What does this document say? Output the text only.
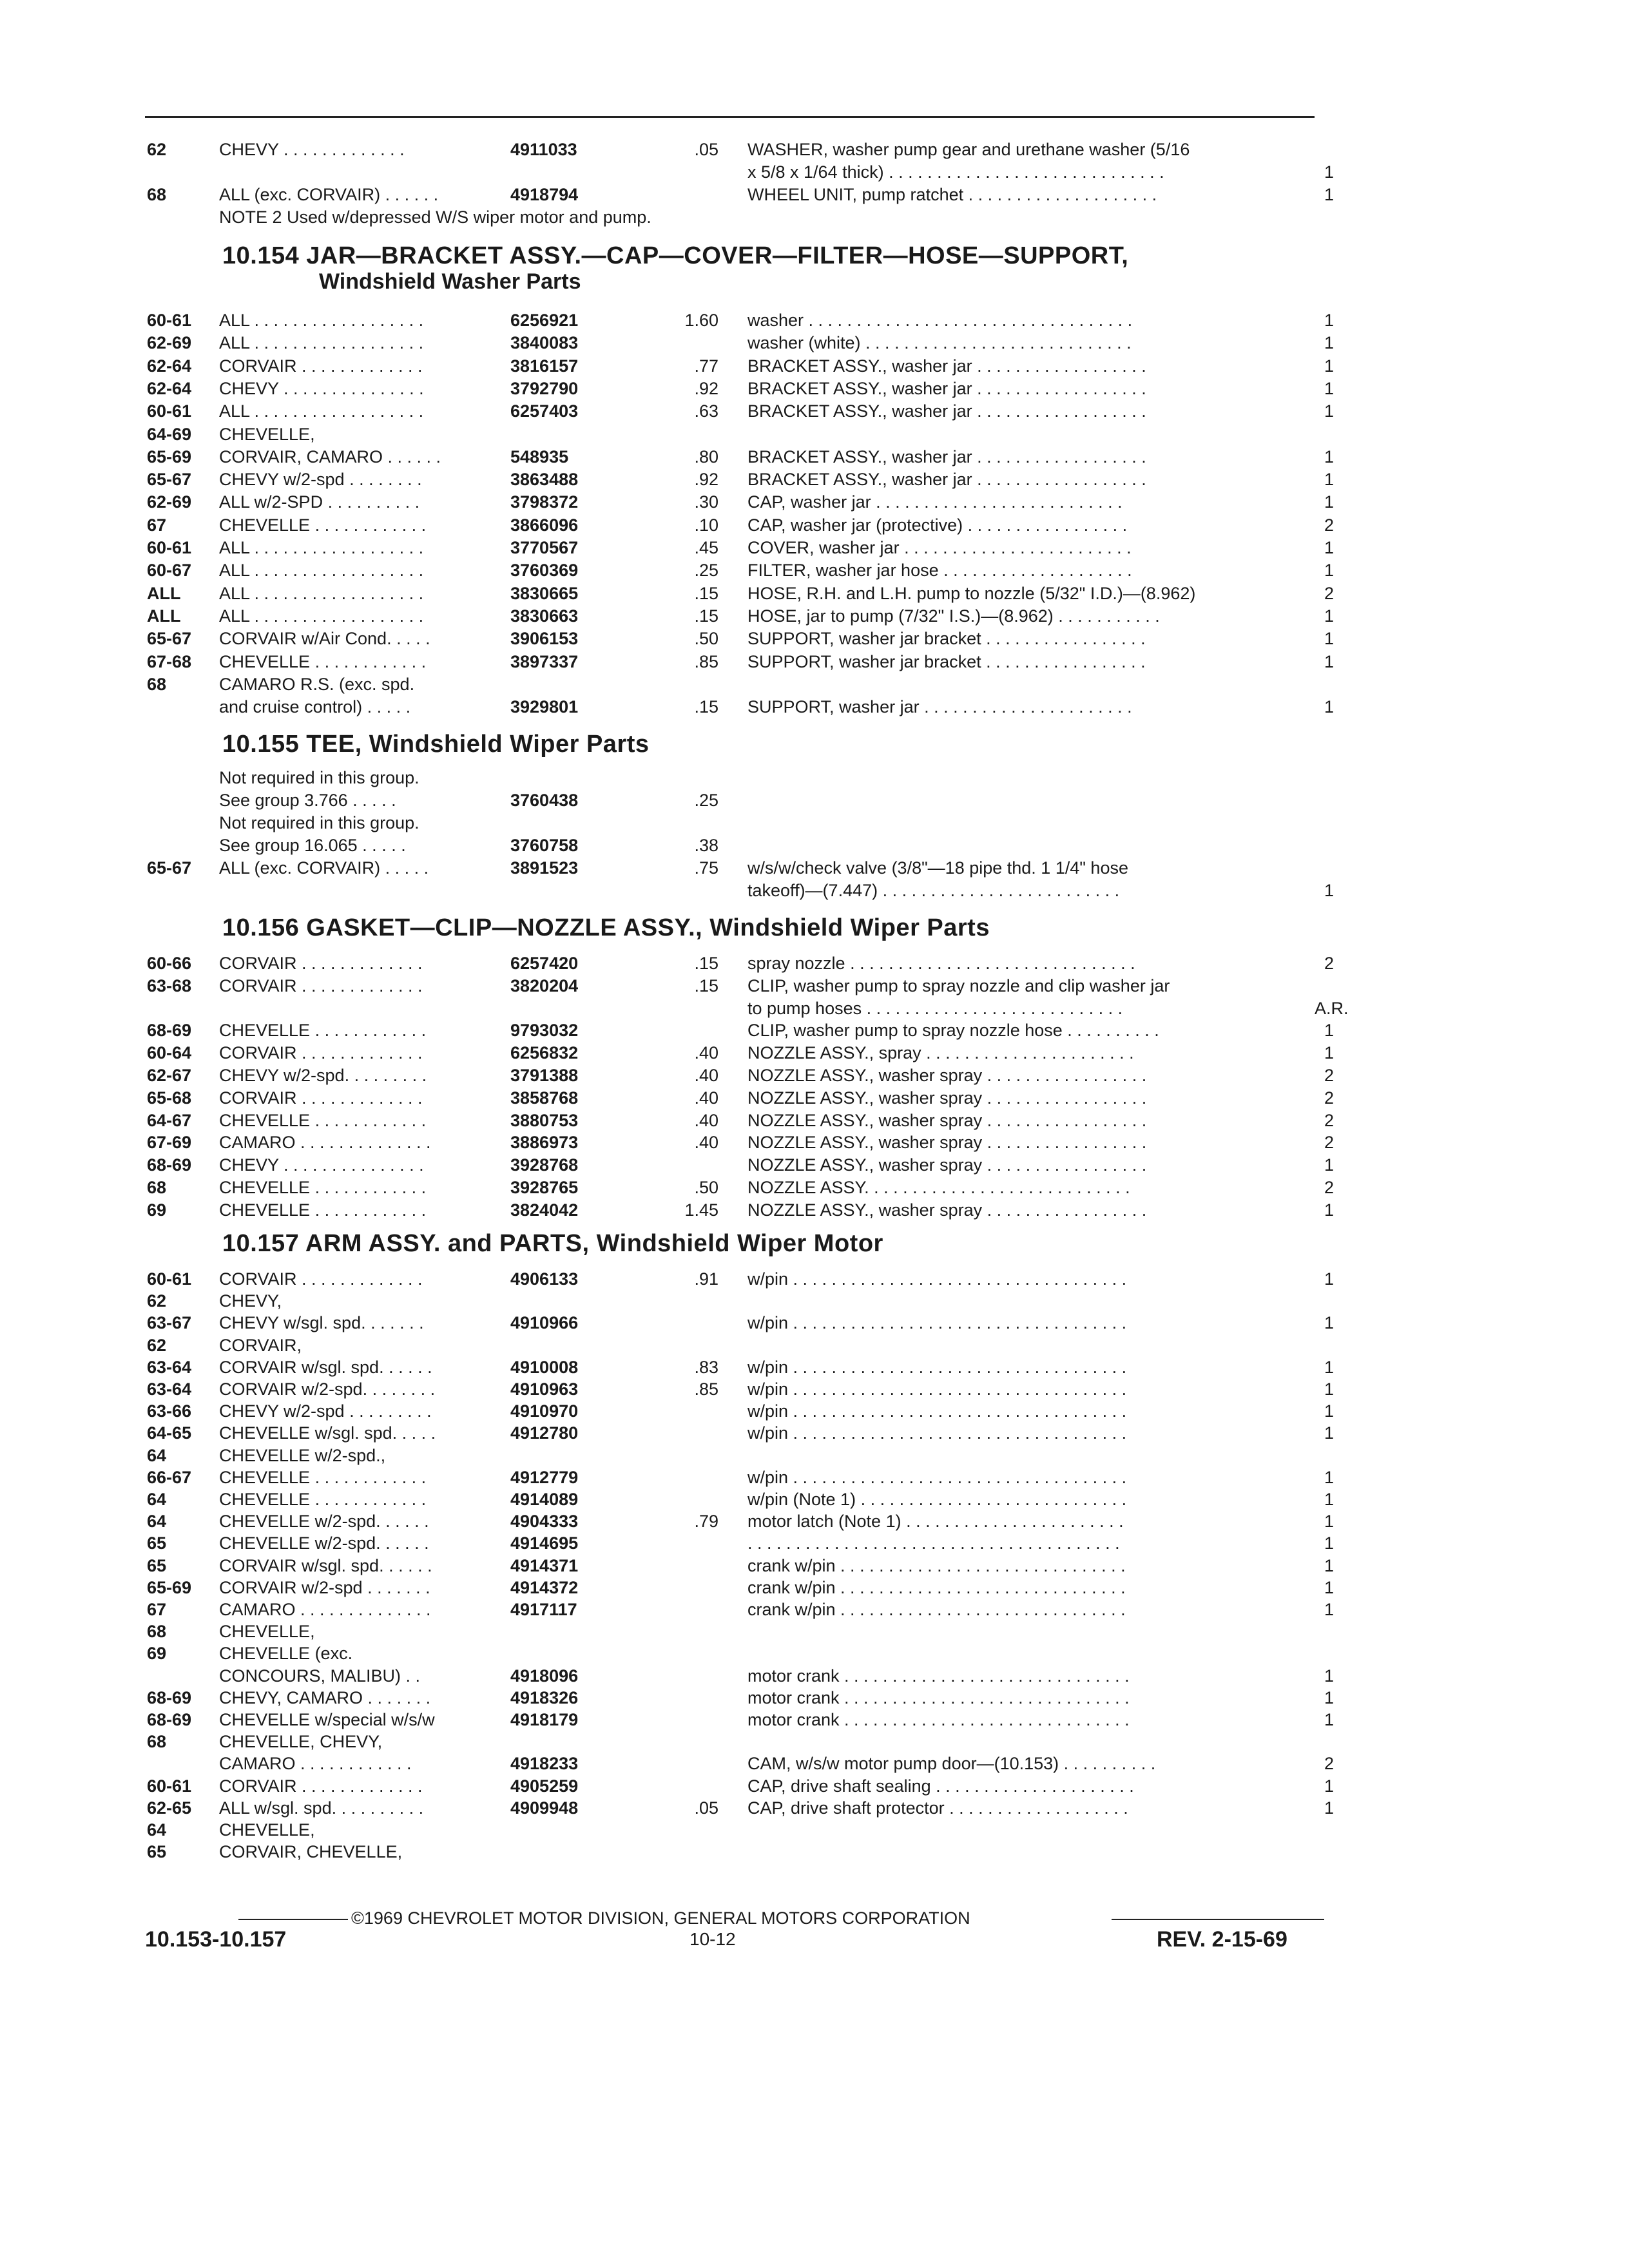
62	CHEVY . . . . . . . . . . . . .	4911033	.05 WASHER, washer pump gear and urethane washer (5/16
x 5/8 x 1/64 thick) . . . . . . . . . . . . . . . . . . . . . . . . . . . . .	1
68	ALL (exc. CORVAIR) . . . . . .	4918794	WHEEL UNIT, pump ratchet . . . . . . . . . . . . . . . . . . . .	1
NOTE 2 Used w/depressed W/S wiper motor and pump.
10.154 JAR—BRACKET ASSY.—CAP—COVER—FILTER—HOSE—SUPPORT,
Windshield Washer Parts
60-61 ALL . . . . . . . . . . . . . . . . . .	6256921	1.60 washer . . . . . . . . . . . . . . . . . . . . . . . . . . . . . . . . . .	1
62-69 ALL . . . . . . . . . . . . . . . . . .	3840083	washer (white) . . . . . . . . . . . . . . . . . . . . . . . . . . . .	1
62-64 CORVAIR . . . . . . . . . . . . .	3816157	.77 BRACKET ASSY., washer jar . . . . . . . . . . . . . . . . . .	1
62-64 CHEVY . . . . . . . . . . . . . . .	3792790	.92 BRACKET ASSY., washer jar . . . . . . . . . . . . . . . . . .	1
60-61 ALL . . . . . . . . . . . . . . . . . .	6257403	.63 BRACKET ASSY., washer jar . . . . . . . . . . . . . . . . . .	1
64-69 CHEVELLE,
65-69 CORVAIR, CAMARO . . . . . .	548935	.80 BRACKET ASSY., washer jar . . . . . . . . . . . . . . . . . .	1
65-67 CHEVY w/2-spd . . . . . . . .	3863488	.92 BRACKET ASSY., washer jar . . . . . . . . . . . . . . . . . .	1
62-69 ALL w/2-SPD . . . . . . . . . .	3798372	.30 CAP, washer jar . . . . . . . . . . . . . . . . . . . . . . . . . .	1
67	CHEVELLE . . . . . . . . . . . .	3866096	.10 CAP, washer jar (protective) . . . . . . . . . . . . . . . . .	2
60-61 ALL . . . . . . . . . . . . . . . . . .	3770567	.45 COVER, washer jar . . . . . . . . . . . . . . . . . . . . . . . .	1
60-67 ALL . . . . . . . . . . . . . . . . . .	3760369	.25 FILTER, washer jar hose . . . . . . . . . . . . . . . . . . . .	1
ALL ALL . . . . . . . . . . . . . . . . . .	3830665	.15 HOSE, R.H. and L.H. pump to nozzle (5/32" I.D.)—(8.962)	2
ALL ALL . . . . . . . . . . . . . . . . . .	3830663	.15 HOSE, jar to pump (7/32" I.S.)—(8.962) . . . . . . . . . . .	1
65-67 CORVAIR w/Air Cond. . . . .	3906153	.50 SUPPORT, washer jar bracket . . . . . . . . . . . . . . . . .	1
67-68 CHEVELLE . . . . . . . . . . . .	3897337	.85 SUPPORT, washer jar bracket . . . . . . . . . . . . . . . . .	1
68	CAMARO R.S. (exc. spd.
and cruise control) . . . . .	3929801	.15 SUPPORT, washer jar . . . . . . . . . . . . . . . . . . . . . .	1
10.155 TEE, Windshield Wiper Parts
Not required in this group.
See group 3.766 . . . . .	3760438	.25
Not required in this group.
See group 16.065 . . . . .	3760758	.38
65-67 ALL (exc. CORVAIR) . . . . .	3891523	.75 w/s/w/check valve (3/8"—18 pipe thd. 1 1/4" hose
takeoff)—(7.447) . . . . . . . . . . . . . . . . . . . . . . . . .	1
10.156 GASKET—CLIP—NOZZLE ASSY., Windshield Wiper Parts
60-66 CORVAIR . . . . . . . . . . . . .	6257420	.15 spray nozzle . . . . . . . . . . . . . . . . . . . . . . . . . . . . . .	2
63-68 CORVAIR . . . . . . . . . . . . .	3820204	.15 CLIP, washer pump to spray nozzle and clip washer jar
to pump hoses . . . . . . . . . . . . . . . . . . . . . . . . . . .	A.R.
68-69 CHEVELLE . . . . . . . . . . . .	9793032	CLIP, washer pump to spray nozzle hose . . . . . . . . . .	1
60-64 CORVAIR . . . . . . . . . . . . .	6256832	.40 NOZZLE ASSY., spray . . . . . . . . . . . . . . . . . . . . . .	1
62-67 CHEVY w/2-spd. . . . . . . . .	3791388	.40 NOZZLE ASSY., washer spray . . . . . . . . . . . . . . . . .	2
65-68 CORVAIR . . . . . . . . . . . . .	3858768	.40 NOZZLE ASSY., washer spray . . . . . . . . . . . . . . . . .	2
64-67 CHEVELLE . . . . . . . . . . . .	3880753	.40 NOZZLE ASSY., washer spray . . . . . . . . . . . . . . . . .	2
67-69 CAMARO . . . . . . . . . . . . . .	3886973	.40 NOZZLE ASSY., washer spray . . . . . . . . . . . . . . . . .	2
68-69 CHEVY . . . . . . . . . . . . . . .	3928768	NOZZLE ASSY., washer spray . . . . . . . . . . . . . . . . .	1
68	CHEVELLE . . . . . . . . . . . .	3928765	.50 NOZZLE ASSY. . . . . . . . . . . . . . . . . . . . . . . . . . . .	2
69	CHEVELLE . . . . . . . . . . . .	3824042	1.45 NOZZLE ASSY., washer spray . . . . . . . . . . . . . . . . .	1
10.157 ARM ASSY. and PARTS, Windshield Wiper Motor
60-61 CORVAIR . . . . . . . . . . . . .	4906133	.91 w/pin . . . . . . . . . . . . . . . . . . . . . . . . . . . . . . . . . . .	1
62	CHEVY,
63-67 CHEVY w/sgl. spd. . . . . . .	4910966	w/pin . . . . . . . . . . . . . . . . . . . . . . . . . . . . . . . . . . .	1
62	CORVAIR,
63-64 CORVAIR w/sgl. spd. . . . . .	4910008	.83 w/pin . . . . . . . . . . . . . . . . . . . . . . . . . . . . . . . . . . .	1
63-64 CORVAIR w/2-spd. . . . . . . .	4910963	.85 w/pin . . . . . . . . . . . . . . . . . . . . . . . . . . . . . . . . . . .	1
63-66 CHEVY w/2-spd . . . . . . . . .	4910970	w/pin . . . . . . . . . . . . . . . . . . . . . . . . . . . . . . . . . . .	1
64-65 CHEVELLE w/sgl. spd. . . . .	4912780	w/pin . . . . . . . . . . . . . . . . . . . . . . . . . . . . . . . . . . .	1
64	CHEVELLE w/2-spd.,
66-67 CHEVELLE . . . . . . . . . . . .	4912779	w/pin . . . . . . . . . . . . . . . . . . . . . . . . . . . . . . . . . . .	1
64	CHEVELLE . . . . . . . . . . . .	4914089	w/pin (Note 1) . . . . . . . . . . . . . . . . . . . . . . . . . . . .	1
64	CHEVELLE w/2-spd. . . . . .	4904333	.79 motor latch (Note 1) . . . . . . . . . . . . . . . . . . . . . . .	1
65	CHEVELLE w/2-spd. . . . . .	4914695	. . . . . . . . . . . . . . . . . . . . . . . . . . . . . . . . . . . . . . .	1
65	CORVAIR w/sgl. spd. . . . . .	4914371	crank w/pin . . . . . . . . . . . . . . . . . . . . . . . . . . . . . .	1
65-69 CORVAIR w/2-spd . . . . . . .	4914372	crank w/pin . . . . . . . . . . . . . . . . . . . . . . . . . . . . . .	1
67	CAMARO . . . . . . . . . . . . . .	4917117	crank w/pin . . . . . . . . . . . . . . . . . . . . . . . . . . . . . .	1
68	CHEVELLE,
69	CHEVELLE (exc.
CONCOURS, MALIBU) . .	4918096	motor crank . . . . . . . . . . . . . . . . . . . . . . . . . . . . . .	1
68-69 CHEVY, CAMARO . . . . . . .	4918326	motor crank . . . . . . . . . . . . . . . . . . . . . . . . . . . . . .	1
68-69 CHEVELLE w/special w/s/w	4918179	motor crank . . . . . . . . . . . . . . . . . . . . . . . . . . . . . .	1
68	CHEVELLE, CHEVY,
CAMARO . . . . . . . . . . . .	4918233	CAM, w/s/w motor pump door—(10.153) . . . . . . . . . .	2
60-61 CORVAIR . . . . . . . . . . . . .	4905259	CAP, drive shaft sealing . . . . . . . . . . . . . . . . . . . . .	1
62-65 ALL w/sgl. spd. . . . . . . . . .	4909948	.05 CAP, drive shaft protector . . . . . . . . . . . . . . . . . . .	1
64	CHEVELLE,
65	CORVAIR, CHEVELLE,
©1969 CHEVROLET MOTOR DIVISION, GENERAL MOTORS CORPORATION
10.153-10.157	10-12	REV. 2-15-69
